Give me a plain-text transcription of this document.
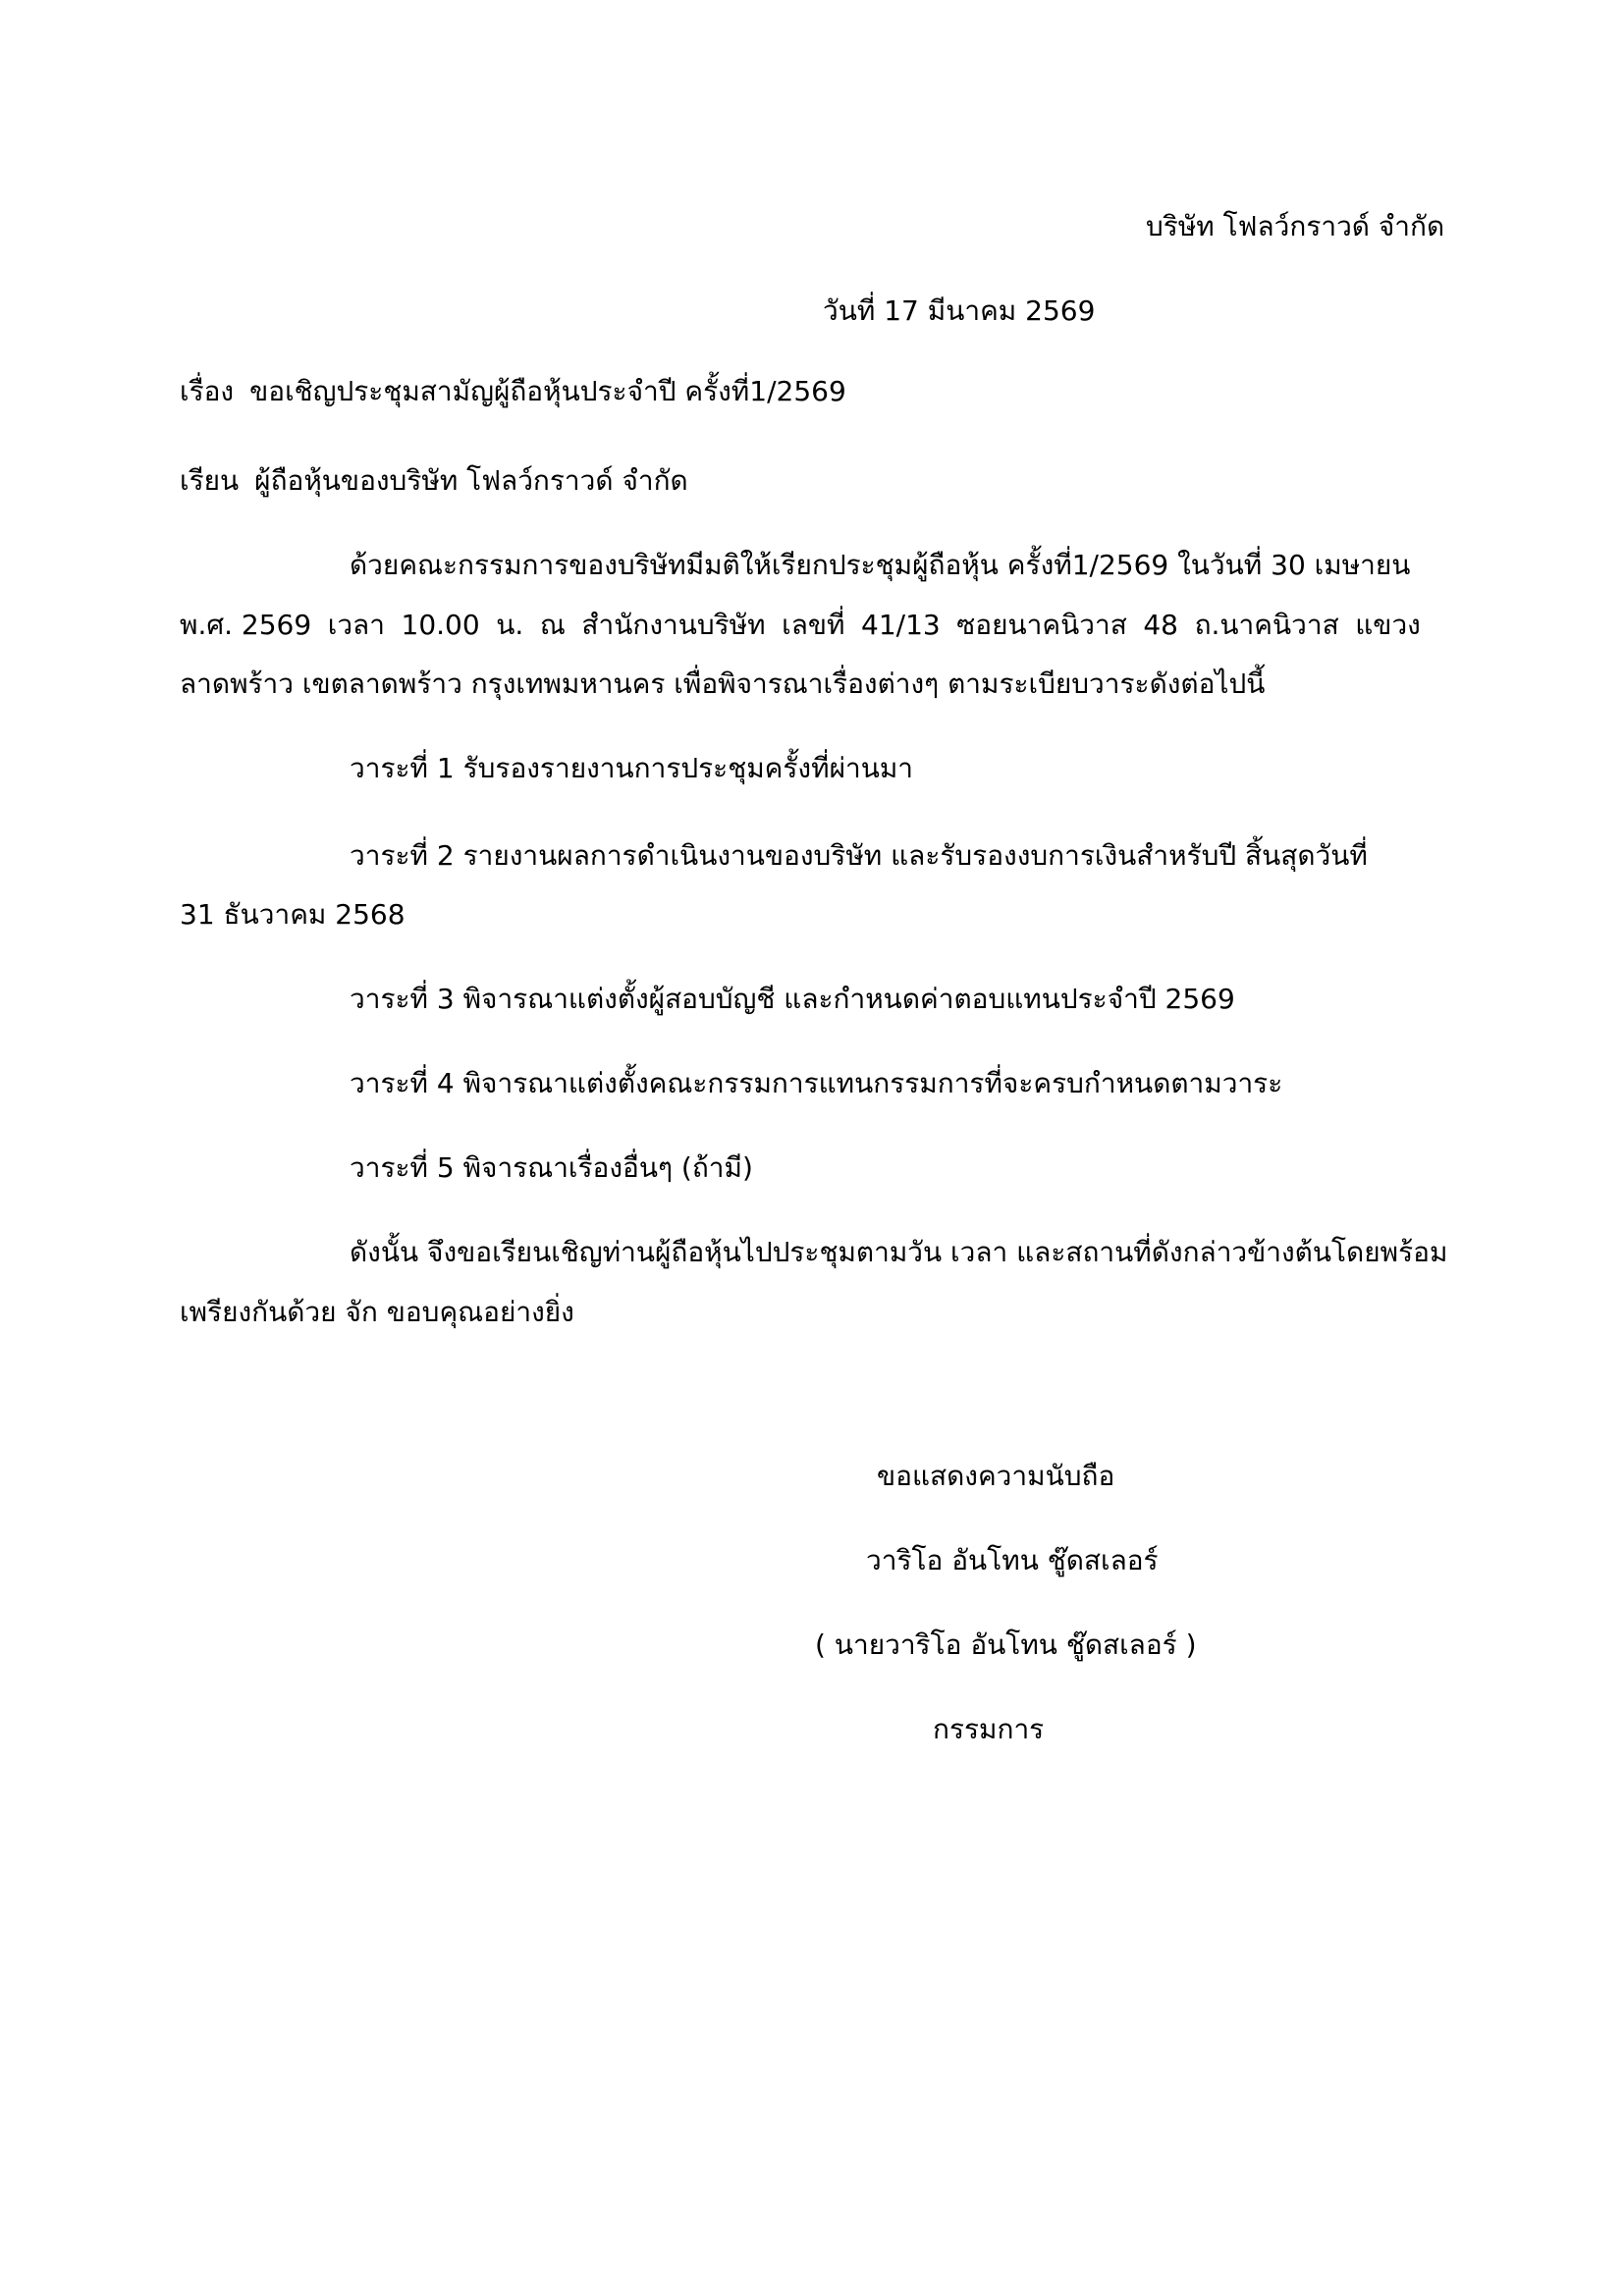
บริษัท โฟลว์กราวด์ จำกัด
วันที่ 17 มีนาคม 2569
เรื่อง ขอเชิญประชุมสามัญผู้ถือหุ้นประจำปี ครั้งที่1/2569
เรียน ผู้ถือหุ้นของบริษัท โฟลว์กราวด์ จำกัด
ด้วยคณะกรรมการของบริษัทมีมติให้เรียกประชุมผู้ถือหุ้น ครั้งที่1/2569 ในวันที่ 30 เมษายน
พ.ศ. 2569 เวลา 10.00 น. ณ สำนักงานบริษัท เลขที่ 41/13 ซอยนาคนิวาส 48 ถ.นาคนิวาส แขวง
ลาดพร้าว เขตลาดพร้าว กรุงเทพมหานคร เพื่อพิจารณาเรื่องต่างๆ ตามระเบียบวาระดังต่อไปนี้
วาระที่ 1 รับรองรายงานการประชุมครั้งที่ผ่านมา
วาระที่ 2 รายงานผลการดำเนินงานของบริษัท และรับรองงบการเงินสำหรับปี สิ้นสุดวันที่
31 ธันวาคม 2568
วาระที่ 3 พิจารณาแต่งตั้งผู้สอบบัญชี และกำหนดค่าตอบแทนประจำปี 2569
วาระที่ 4 พิจารณาแต่งตั้งคณะกรรมการแทนกรรมการที่จะครบกำหนดตามวาระ
วาระที่ 5 พิจารณาเรื่องอื่นๆ (ถ้ามี)
ดังนั้น จึงขอเรียนเชิญท่านผู้ถือหุ้นไปประชุมตามวัน เวลา และสถานที่ดังกล่าวข้างต้นโดยพร้อม
เพรียงกันด้วย จัก ขอบคุณอย่างยิ่ง
ขอแสดงความนับถือ
วาริโอ อันโทน ชู๊ดสเลอร์
( นายวาริโอ อันโทน ชู๊ดสเลอร์ )
กรรมการ
